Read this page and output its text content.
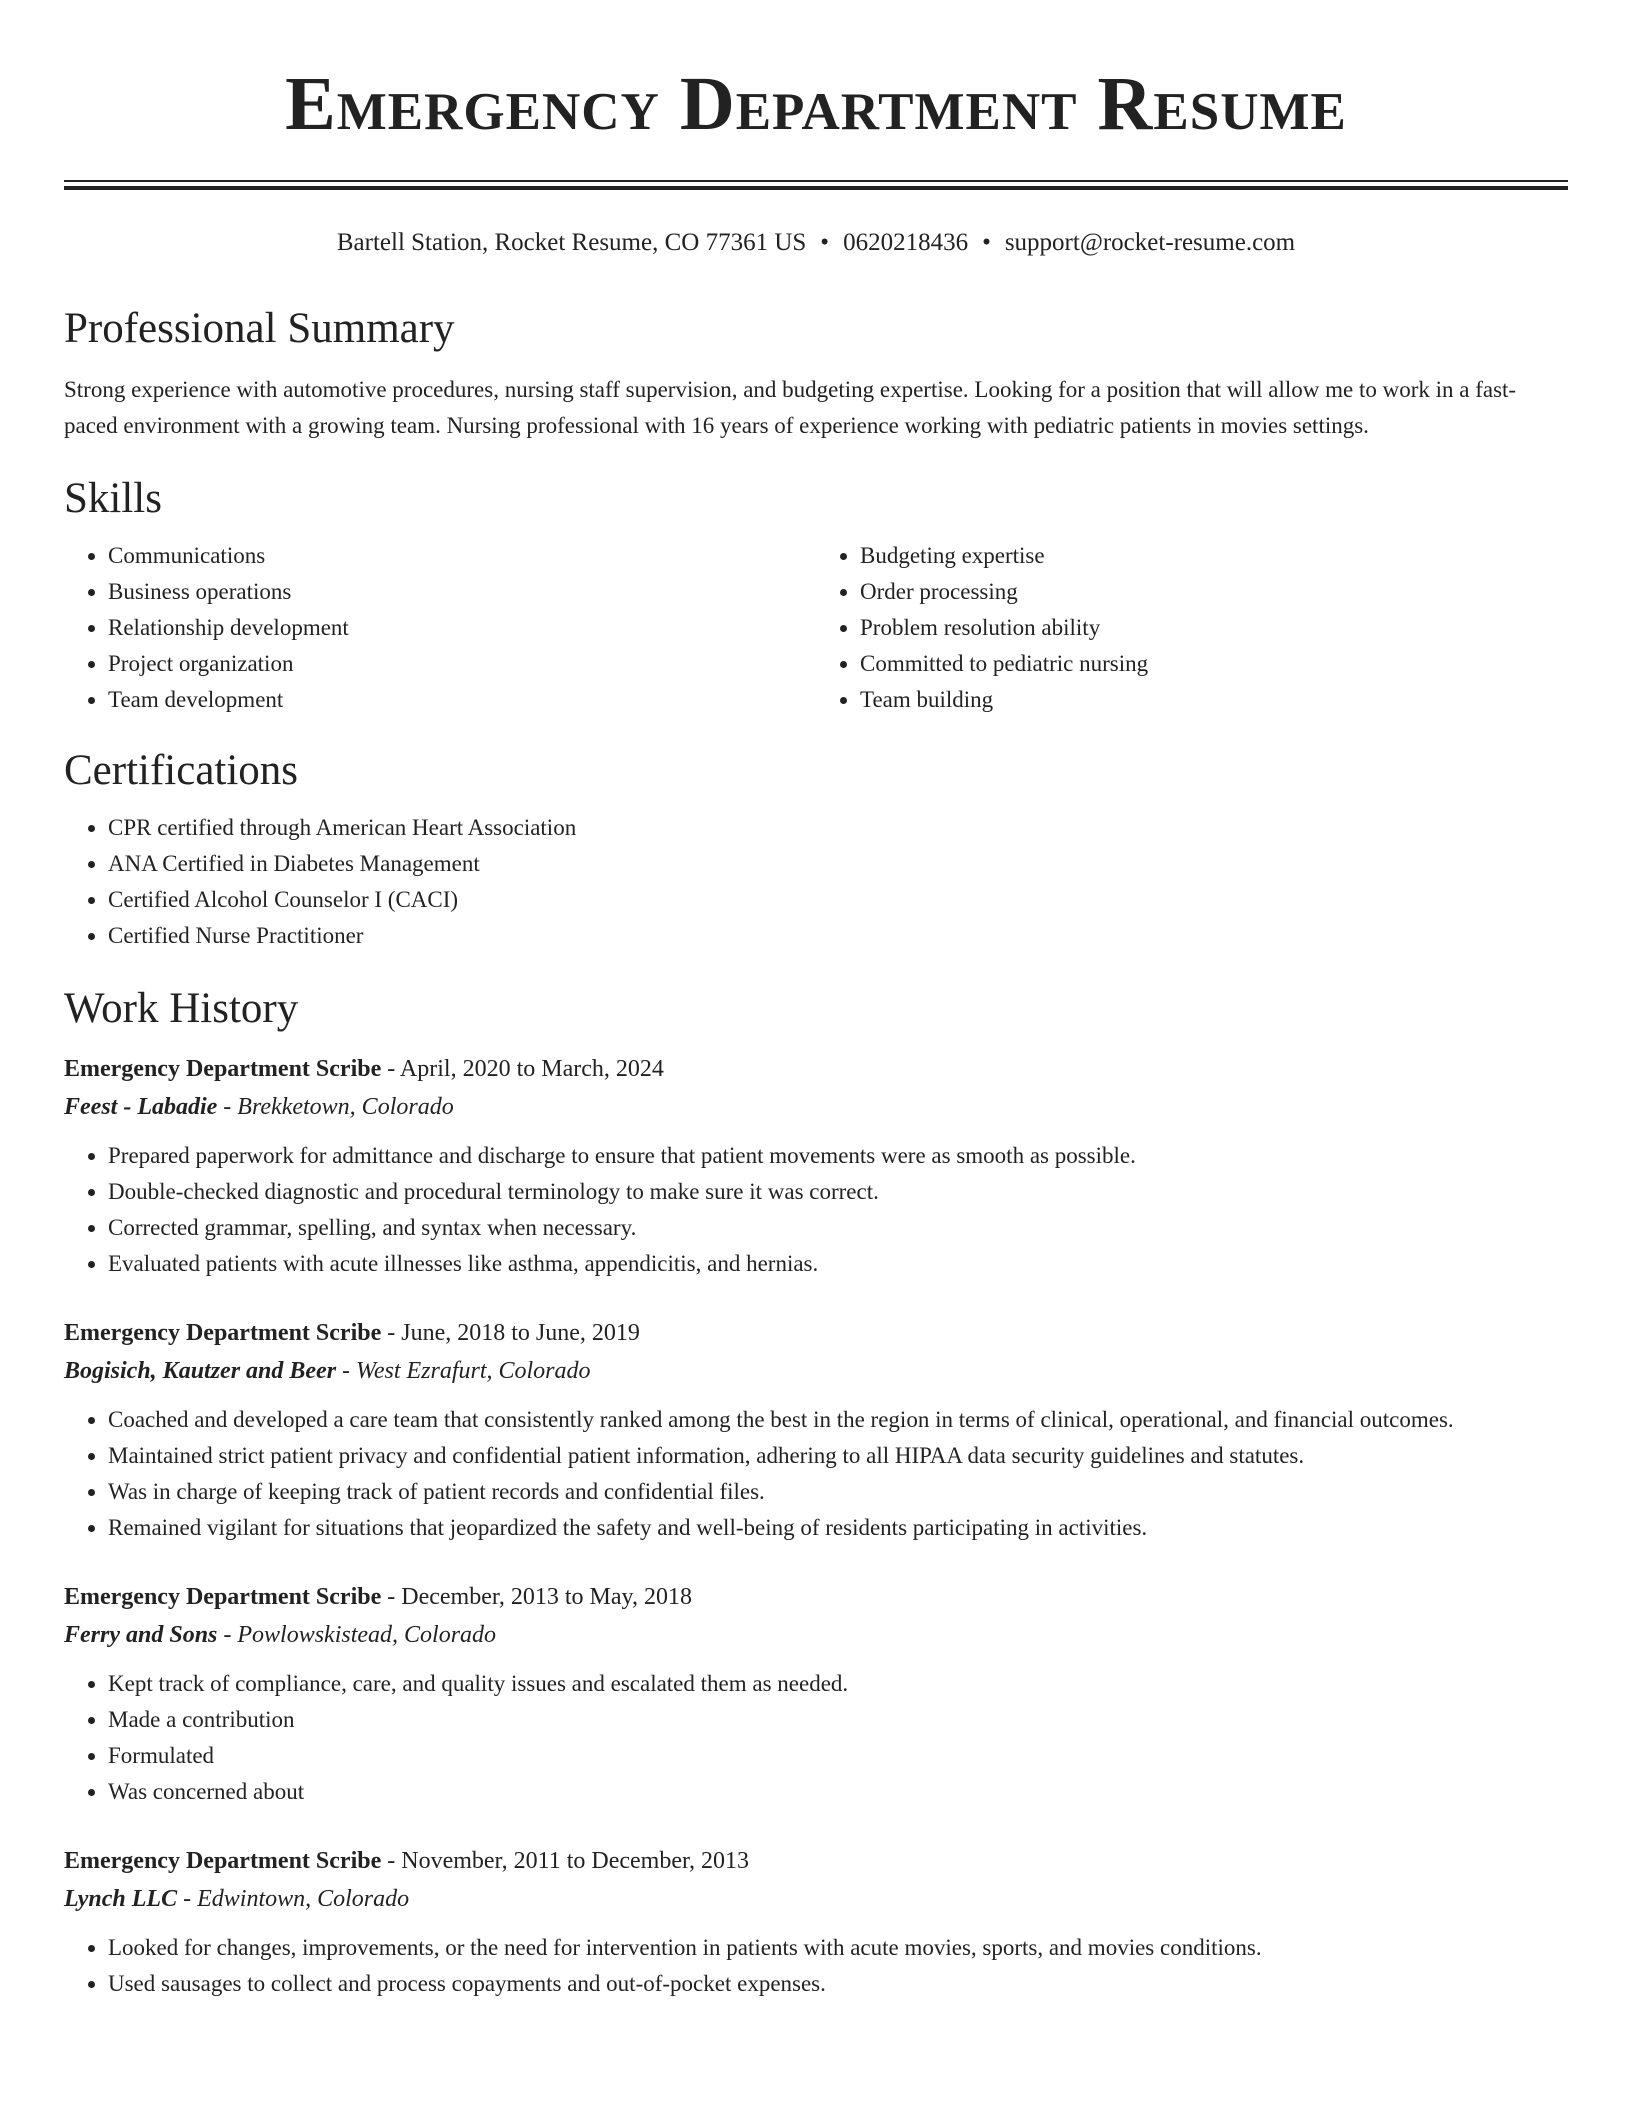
Emergency Department Resume
Bartell Station, Rocket Resume, CO 77361 US • 0620218436 • support@rocket-resume.com
Professional Summary

Strong experience with automotive procedures, nursing staff supervision, and budgeting expertise. Looking for a position that will allow me to work in a fast-paced environment with a growing team. Nursing professional with 16 years of experience working with pediatric patients in movies settings.

Skills
• Communications
• Business operations
• Relationship development
• Project organization
• Team development
• Budgeting expertise
• Order processing
• Problem resolution ability
• Committed to pediatric nursing
• Team building
Certifications
• CPR certified through American Heart Association
• ANA Certified in Diabetes Management
• Certified Alcohol Counselor I (CACI)
• Certified Nurse Practitioner
Work History
Emergency Department Scribe - April, 2020 to March, 2024
Feest - Labadie - Brekketown, Colorado
• Prepared paperwork for admittance and discharge to ensure that patient movements were as smooth as possible.
• Double-checked diagnostic and procedural terminology to make sure it was correct.
• Corrected grammar, spelling, and syntax when necessary.
• Evaluated patients with acute illnesses like asthma, appendicitis, and hernias.
Emergency Department Scribe - June, 2018 to June, 2019
Bogisich, Kautzer and Beer - West Ezrafurt, Colorado
• Coached and developed a care team that consistently ranked among the best in the region in terms of clinical, operational, and financial outcomes.
• Maintained strict patient privacy and confidential patient information, adhering to all HIPAA data security guidelines and statutes.
• Was in charge of keeping track of patient records and confidential files.
• Remained vigilant for situations that jeopardized the safety and well-being of residents participating in activities.
Emergency Department Scribe - December, 2013 to May, 2018
Ferry and Sons - Powlowskistead, Colorado
• Kept track of compliance, care, and quality issues and escalated them as needed.
• Made a contribution
• Formulated
• Was concerned about
Emergency Department Scribe - November, 2011 to December, 2013
Lynch LLC - Edwintown, Colorado
• Looked for changes, improvements, or the need for intervention in patients with acute movies, sports, and movies conditions.
• Used sausages to collect and process copayments and out-of-pocket expenses.
